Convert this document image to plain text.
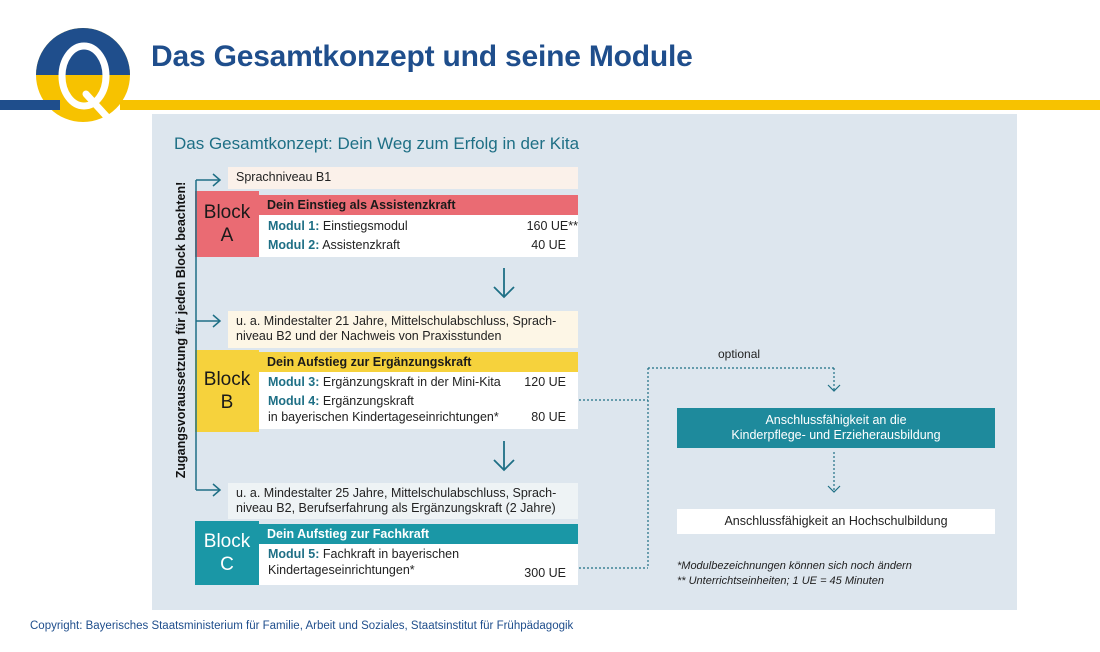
Das Gesamtkonzept und seine Module
Das Gesamtkonzept: Dein Weg zum Erfolg in der Kita
Zugangsvoraussetzung für jeden Block beachten!
Sprachniveau B1
Block
A
Dein Einstieg als Assistenzkraft
Modul 1: Einstiegsmodul	160 UE**
Modul 2: Assistenzkraft	40 UE
u. a. Mindestalter 21 Jahre, Mittelschulabschluss, Sprach-
niveau B2 und der Nachweis von Praxisstunden
Block
B
Dein Aufstieg zur Ergänzungskraft
Modul 3: Ergänzungskraft in der Mini-Kita 120 UE
Modul 4: Ergänzungskraft
in bayerischen Kindertageseinrichtungen*	80 UE
u. a. Mindestalter 25 Jahre, Mittelschulabschluss, Sprach-
niveau B2, Berufserfahrung als Ergänzungskraft (2 Jahre)
Block
C
Dein Aufstieg zur Fachkraft
Modul 5: Fachkraft in bayerischen
Kindertageseinrichtungen*	300 UE
optional
Anschlussfähigkeit an die
Kinderpflege- und Erzieherausbildung
Anschlussfähigkeit an Hochschulbildung
*Modulbezeichnungen können sich noch ändern
** Unterrichtseinheiten; 1 UE = 45 Minuten
Copyright: Bayerisches Staatsministerium für Familie, Arbeit und Soziales, Staatsinstitut für Frühpädagogik
